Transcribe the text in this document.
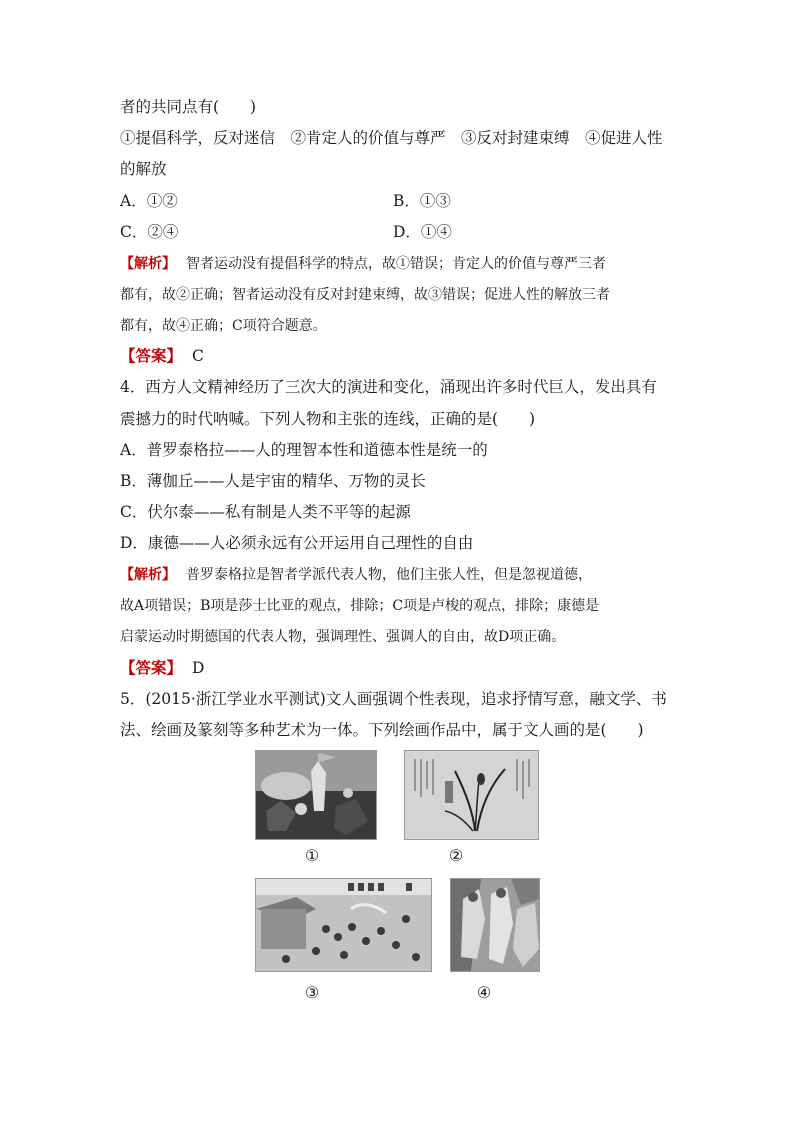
者的共同点有(　　)
①提倡科学，反对迷信　②肯定人的价值与尊严　③反对封建束缚　④促进人性
的解放
A．①②	B．①③
C．②④	D．①④
【解析】 智者运动没有提倡科学的特点，故①错误；肯定人的价值与尊严三者
都有，故②正确；智者运动没有反对封建束缚，故③错误；促进人性的解放三者
都有，故④正确；C项符合题意。
【答案】 C
4．西方人文精神经历了三次大的演进和变化，涌现出许多时代巨人，发出具有
震撼力的时代呐喊。下列人物和主张的连线，正确的是(　　)
A．普罗泰格拉——人的理智本性和道德本性是统一的
B．薄伽丘——人是宇宙的精华、万物的灵长
C．伏尔泰——私有制是人类不平等的起源
D．康德——人必须永远有公开运用自己理性的自由
【解析】 普罗泰格拉是智者学派代表人物，他们主张人性，但是忽视道德，
故A项错误；B项是莎士比亚的观点，排除；C项是卢梭的观点，排除；康德是
启蒙运动时期德国的代表人物，强调理性、强调人的自由，故D项正确。
【答案】 D
5．(2015·浙江学业水平测试)文人画强调个性表现，追求抒情写意，融文学、书
法、绘画及篆刻等多种艺术为一体。下列绘画作品中，属于文人画的是(　　)
①	②
③	④
